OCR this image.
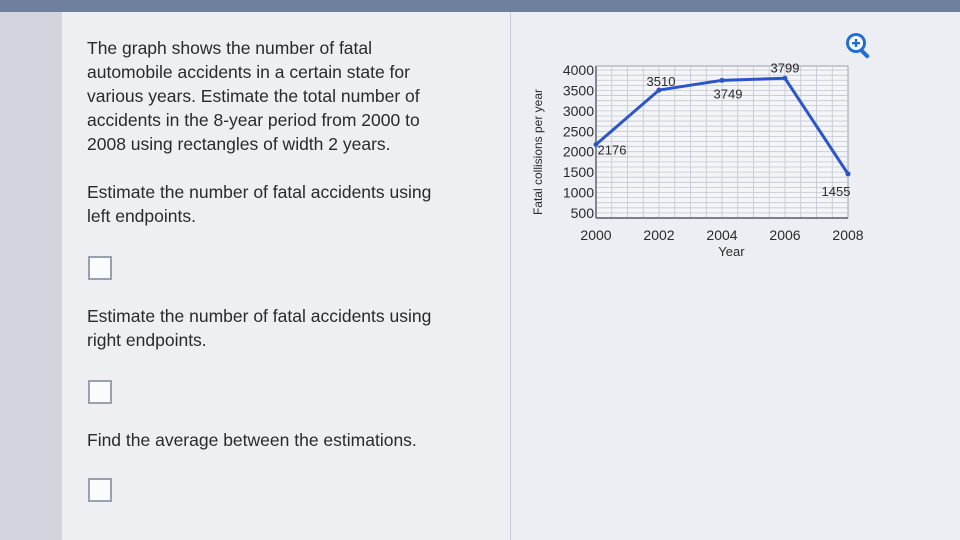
The graph shows the number of fatal
automobile accidents in a certain state for
various years. Estimate the total number of
accidents in the 8-year period from 2000 to
2008 using rectangles of width 2 years.
Estimate the number of fatal accidents using
left endpoints.
Estimate the number of fatal accidents using
right endpoints.
Find the average between the estimations.
500
1000
1500
2000
2500
3000
3500
4000
2000 2002 2004 2006 2008
Year
Fatal collisions per year	2176
3510
3749
3799
1455
